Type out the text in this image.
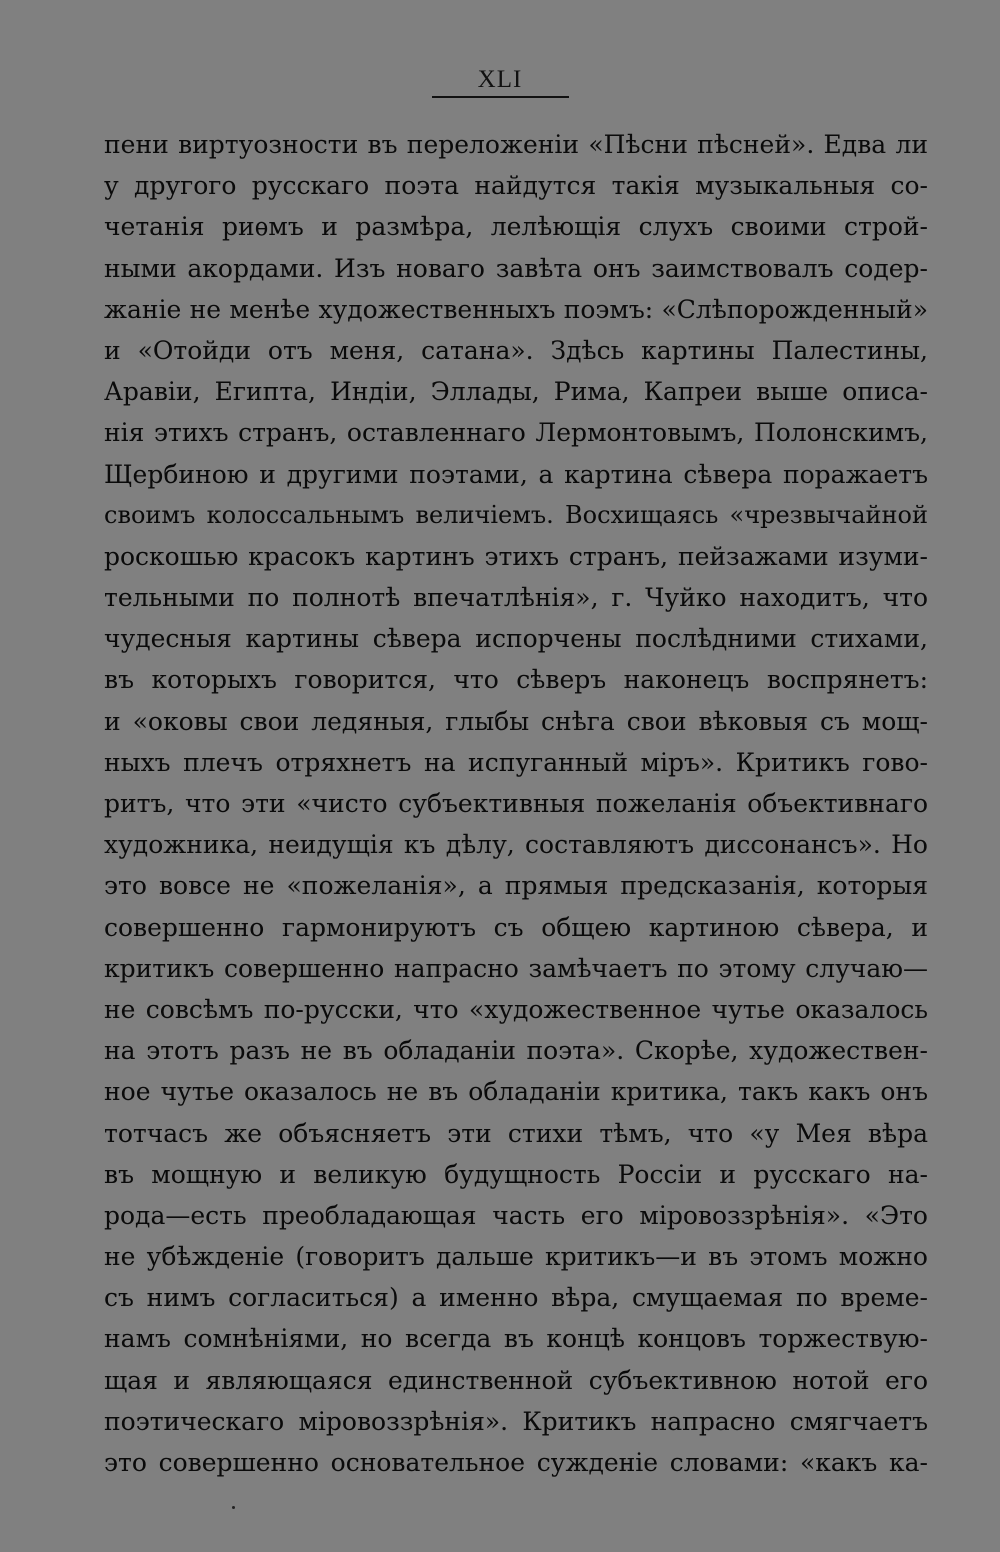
XLI
пени виртуозности въ переложеніи «Пѣсни пѣсней». Едва ли
у другого русскаго поэта найдутся такія музыкальныя со-
четанія риѳмъ и размѣра, лелѣющія слухъ своими строй-
ными акордами. Изъ новаго завѣта онъ заимствовалъ содер-
жаніе не менѣе художественныхъ поэмъ: «Слѣпорожденный»
и «Отойди отъ меня, сатана». Здѣсь картины Палестины,
Аравіи, Египта, Индіи, Эллады, Рима, Капреи выше описа-
нія этихъ странъ, оставленнаго Лермонтовымъ, Полонскимъ,
Щербиною и другими поэтами, а картина сѣвера поражаетъ
своимъ колоссальнымъ величіемъ. Восхищаясь «чрезвычайной
роскошью красокъ картинъ этихъ странъ, пейзажами изуми-
тельными по полнотѣ впечатлѣнія», г. Чуйко находитъ, что
чудесныя картины сѣвера испорчены послѣдними стихами,
въ которыхъ говорится, что сѣверъ наконецъ воспрянетъ:
и «оковы свои ледяныя, глыбы снѣга свои вѣковыя съ мощ-
ныхъ плечъ отряхнетъ на испуганный міръ». Критикъ гово-
ритъ, что эти «чисто субъективныя пожеланія объективнаго
художника, неидущія къ дѣлу, составляютъ диссонансъ». Но
это вовсе не «пожеланія», а прямыя предсказанія, которыя
совершенно гармонируютъ съ общею картиною сѣвера, и
критикъ совершенно напрасно замѣчаетъ по этому случаю—
не совсѣмъ по-русски, что «художественное чутье оказалось
на этотъ разъ не въ обладаніи поэта». Скорѣе, художествен-
ное чутье оказалось не въ обладаніи критика, такъ какъ онъ
тотчасъ же объясняетъ эти стихи тѣмъ, что «у Мея вѣра
въ мощную и великую будущность Россіи и русскаго на-
рода—есть преобладающая часть его міровоззрѣнія». «Это
не убѣжденіе (говоритъ дальше критикъ—и въ этомъ можно
съ нимъ согласиться) а именно вѣра, смущаемая по време-
намъ сомнѣніями, но всегда въ концѣ концовъ торжествую-
щая и являющаяся единственной субъективною нотой его
поэтическаго міровоззрѣнія». Критикъ напрасно смягчаетъ
это совершенно основательное сужденіе словами: «какъ ка-
